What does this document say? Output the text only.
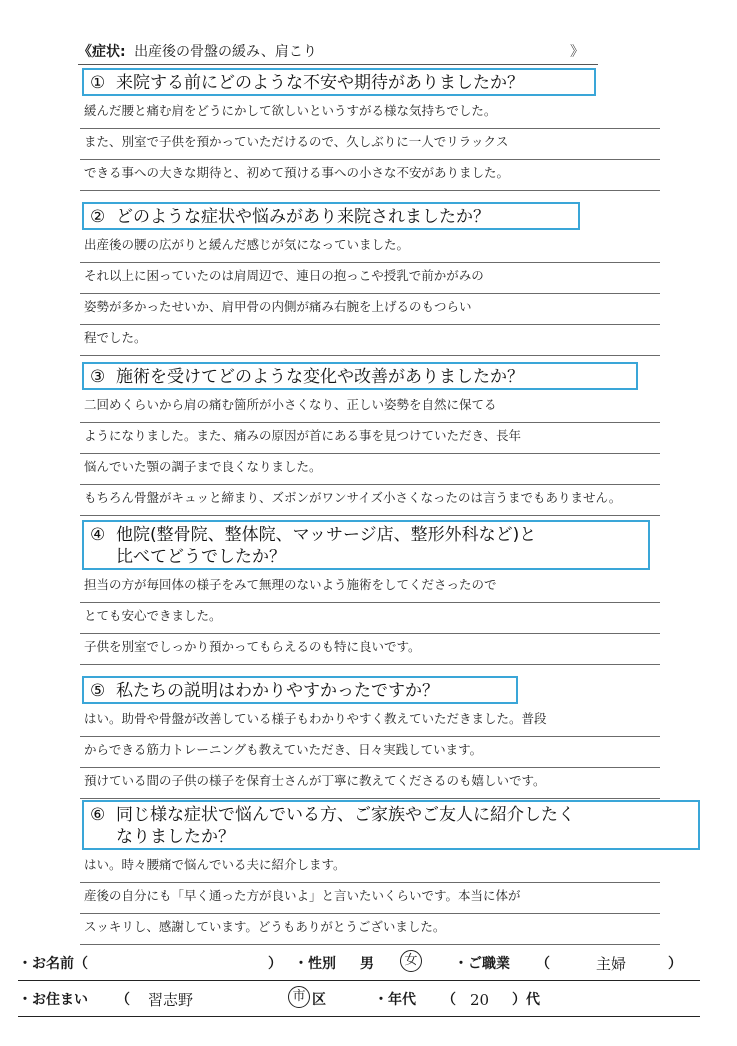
《症状: 出産後の骨盤の緩み、肩こり	》
① 来院する前にどのような不安や期待がありましたか？
緩んだ腰と痛む肩をどうにかして欲しいというすがる様な気持ちでした。
また、別室で子供を預かっていただけるので、久しぶりに一人でリラックス
できる事への大きな期待と、初めて預ける事への小さな不安がありました。
② どのような症状や悩みがあり来院されましたか？
出産後の腰の広がりと緩んだ感じが気になっていました。
それ以上に困っていたのは肩周辺で、連日の抱っこや授乳で前かがみの
姿勢が多かったせいか、肩甲骨の内側が痛み右腕を上げるのもつらい
程でした。
③ 施術を受けてどのような変化や改善がありましたか？
二回めくらいから肩の痛む箇所が小さくなり、正しい姿勢を自然に保てる
ようになりました。また、痛みの原因が首にある事を見つけていただき、長年
悩んでいた顎の調子まで良くなりました。
もちろん骨盤がキュッと締まり、ズボンがワンサイズ小さくなったのは言うまでもありません。
④ 他院(整骨院、整体院、マッサージ店、整形外科など)と
比べてどうでしたか？
担当の方が毎回体の様子をみて無理のないよう施術をしてくださったので
とても安心できました。
子供を別室でしっかり預かってもらえるのも特に良いです。
⑤ 私たちの説明はわかりやすかったですか？
はい。助骨や骨盤が改善している様子もわかりやすく教えていただきました。普段
からできる筋力トレーニングも教えていただき、日々実践しています。
預けている間の子供の様子を保育士さんが丁寧に教えてくださるのも嬉しいです。
⑥ 同じ様な症状で悩んでいる方、ご家族やご友人に紹介したく
なりましたか？
はい。時々腰痛で悩んでいる夫に紹介します。
産後の自分にも「早く通った方が良いよ」と言いたいくらいです。本当に体が
スッキリし、感謝しています。どうもありがとうございました。
・お名前（	） ・性別 男	女	・ご職業 （	主婦	）
・お住まい （ 習志野	市 区	・年代 （ 20 ）代
